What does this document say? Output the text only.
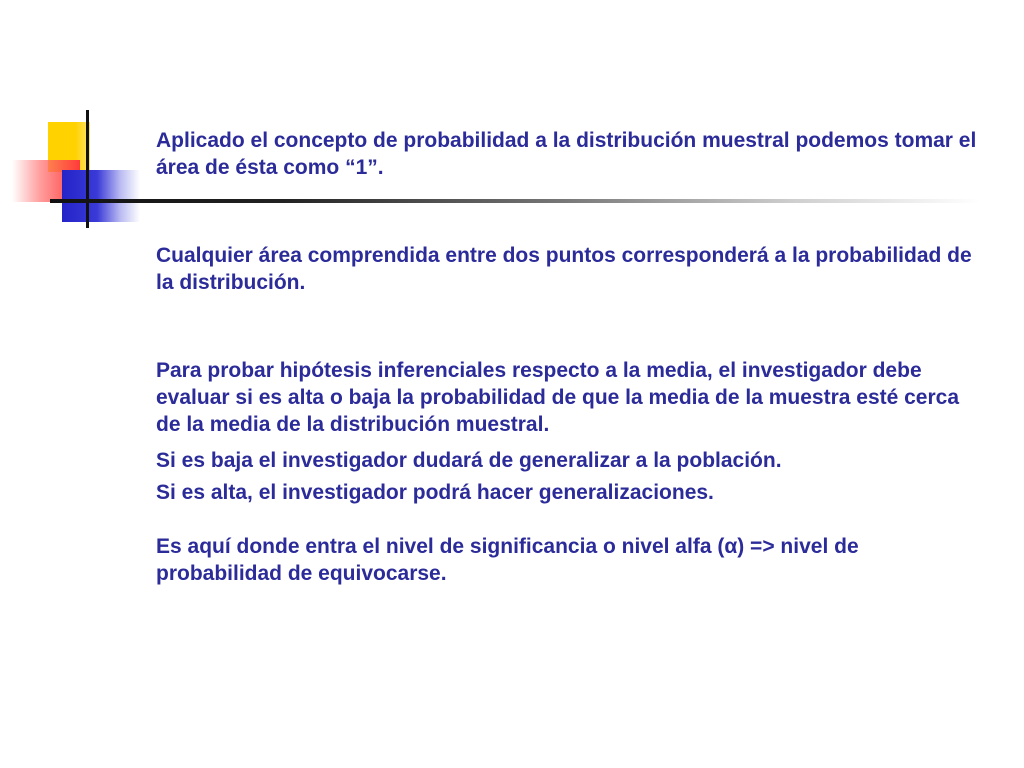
Aplicado el concepto de probabilidad a la distribución muestral podemos tomar el área de ésta como “1”.

Cualquier área comprendida entre dos puntos corresponderá a la probabilidad de la distribución.

Para probar hipótesis inferenciales respecto a la media, el investigador debe evaluar si es alta o baja la probabilidad de que la media de la muestra esté cerca de la media de la distribución muestral.

Si es baja el investigador dudará de generalizar a la población.

Si es alta, el investigador podrá hacer generalizaciones.

Es aquí donde entra el nivel de significancia o nivel alfa (α) => nivel de probabilidad de equivocarse.
